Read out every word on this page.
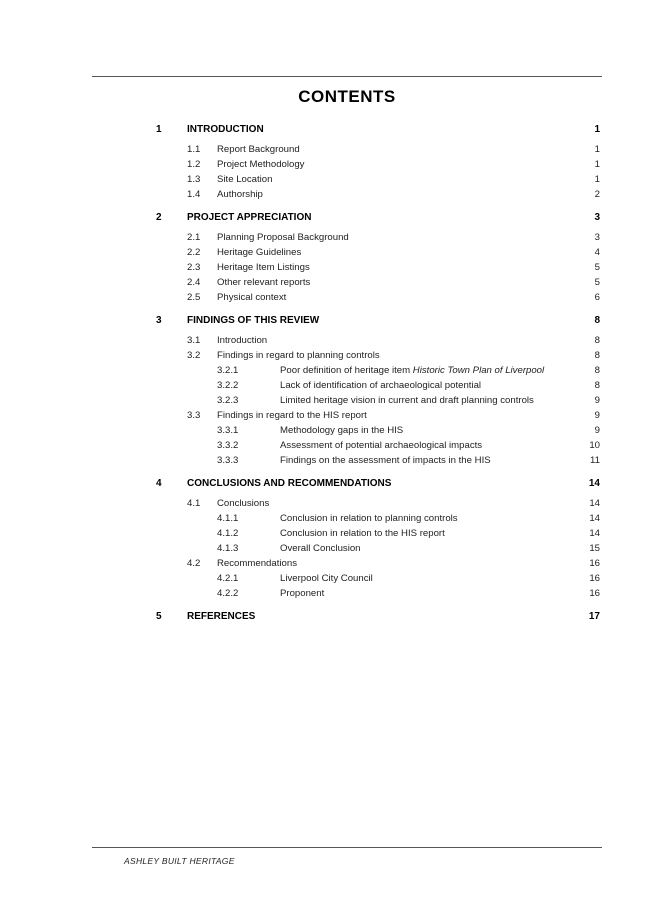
CONTENTS
1	INTRODUCTION	1
1.1 Report Background	1
1.2 Project Methodology	1
1.3 Site Location	1
1.4 Authorship	2
2	PROJECT APPRECIATION	3
2.1 Planning Proposal Background	3
2.2 Heritage Guidelines	4
2.3 Heritage Item Listings	5
2.4 Other relevant reports	5
2.5 Physical context	6
3	FINDINGS OF THIS REVIEW	8
3.1 Introduction	8
3.2 Findings in regard to planning controls	8
3.2.1	Poor definition of heritage item Historic Town Plan of Liverpool	8
3.2.2	Lack of identification of archaeological potential	8
3.2.3	Limited heritage vision in current and draft planning controls	9
3.3 Findings in regard to the HIS report	9
3.3.1	Methodology gaps in the HIS	9
3.3.2	Assessment of potential archaeological impacts	10
3.3.3	Findings on the assessment of impacts in the HIS	11
4	CONCLUSIONS AND RECOMMENDATIONS	14
4.1 Conclusions	14
4.1.1	Conclusion in relation to planning controls	14
4.1.2	Conclusion in relation to the HIS report	14
4.1.3	Overall Conclusion	15
4.2 Recommendations	16
4.2.1	Liverpool City Council	16
4.2.2	Proponent	16
5	REFERENCES	17
ASHLEY BUILT HERITAGE
